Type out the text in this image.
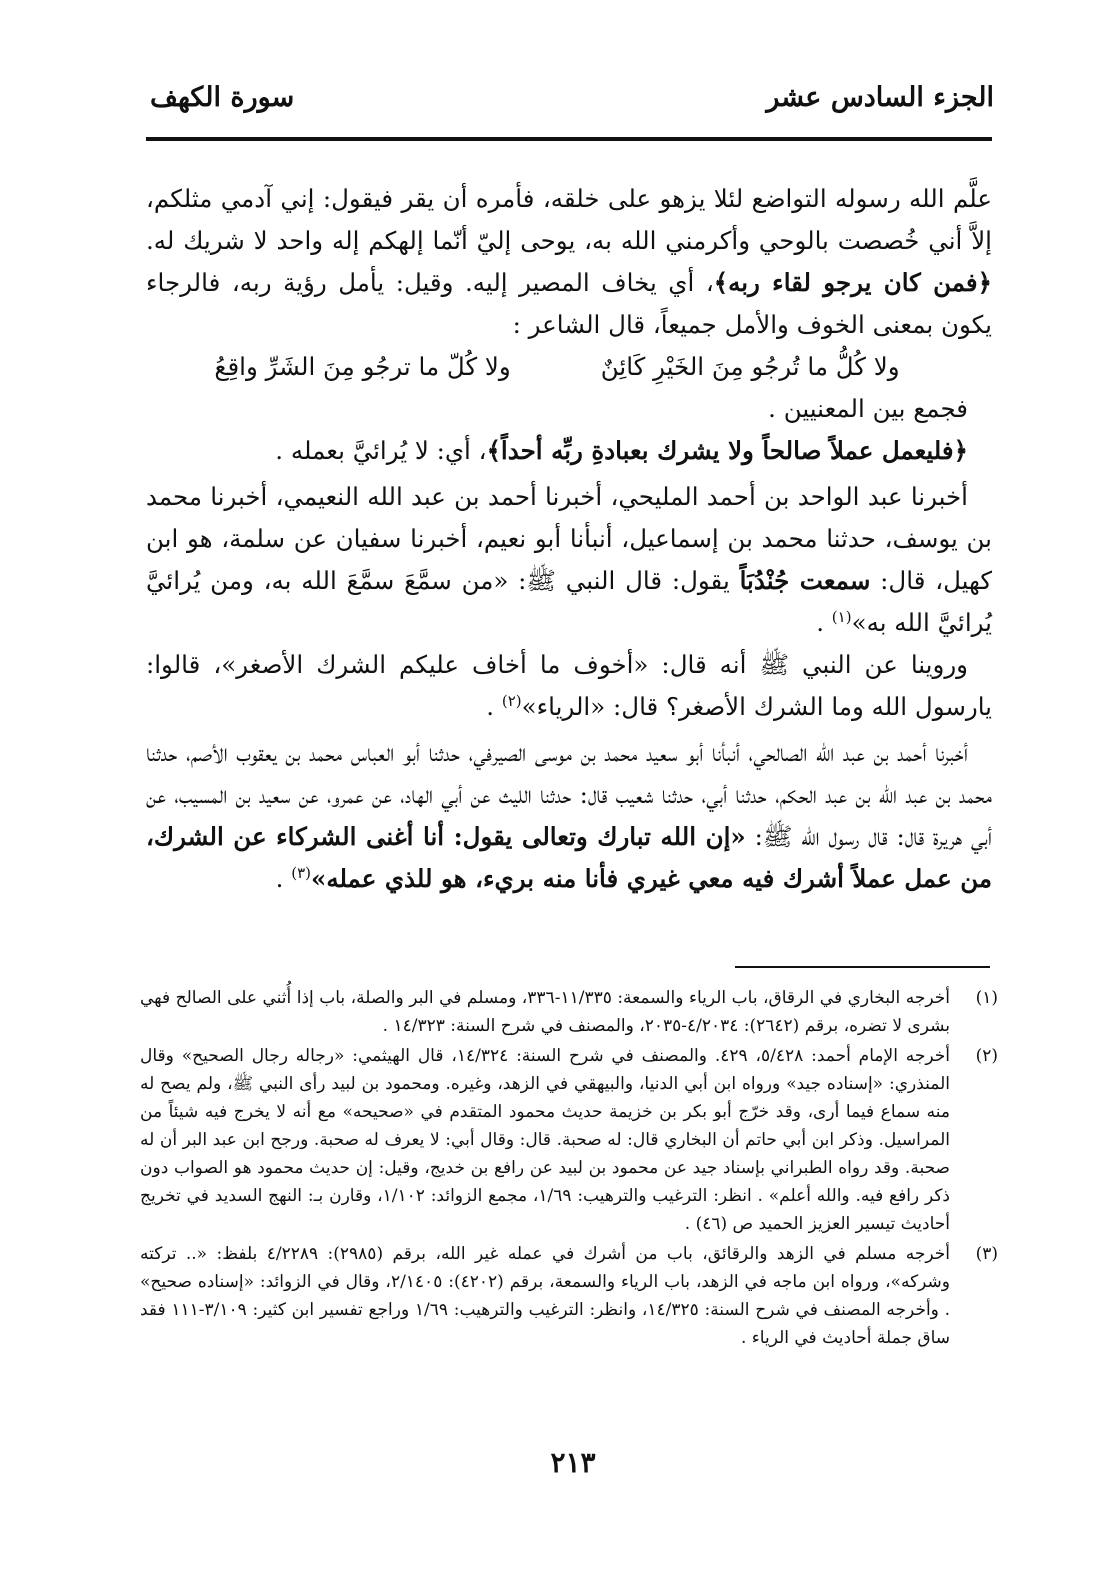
الجزء السادس عشر
سورة الكهف

علَّم الله رسوله التواضع لئلا يزهو على خلقه، فأمره أن يقر فيقول: إني آدمي مثلكم، إلاَّ أني خُصصت بالوحي وأكرمني الله به، يوحى إليّ أنّما إلهكم إله واحد لا شريك له. ﴿فمن كان يرجو لقاء ربه﴾، أي يخاف المصير إليه. وقيل: يأمل رؤية ربه، فالرجاء يكون بمعنى الخوف والأمل جميعاً، قال الشاعر :

ولا كُلُّ ما تُرجُو مِنَ الخَيْرِ كَائِنٌ
ولا كُلّ ما ترجُو مِنَ الشَرِّ واقِعُ

فجمع بين المعنيين .

﴿فليعمل عملاً صالحاً ولا يشرك بعبادةِ ربِّه أحداً﴾، أي: لا يُرائيَّ بعمله .

أخبرنا عبد الواحد بن أحمد المليحي، أخبرنا أحمد بن عبد الله النعيمي، أخبرنا محمد بن يوسف، حدثنا محمد بن إسماعيل، أنبأنا أبو نعيم، أخبرنا سفيان عن سلمة، هو ابن كهيل، قال: سمعت جُنْدُبَاً يقول: قال النبي ﷺ: «من سمَّعَ سمَّعَ الله به، ومن يُرائيَّ يُرائيَّ الله به»$^{(١)}$ .

وروينا عن النبي ﷺ أنه قال: «أخوف ما أخاف عليكم الشرك الأصغر»، قالوا: يارسول الله وما الشرك الأصغر؟ قال: «الرياء»$^{(٢)}$ .

أخبرنا أحمد بن عبد الله الصالحي، أنبأنا أبو سعيد محمد بن موسى الصيرفي، حدثنا أبو العباس محمد بن يعقوب الأصم، حدثنا محمد بن عبد الله بن عبد الحكم، حدثنا أبي، حدثنا شعيب قال: حدثنا الليث عن أبي الهاد، عن عمرو، عن سعيد بن المسيب، عن أبي هريرة قال: قال رسول الله ﷺ: «إن الله تبارك وتعالى يقول: أنا أغنى الشركاء عن الشرك، من عمل عملاً أشرك فيه معي غيري فأنا منه بريء، هو للذي عمله»$^{(٣)}$ .

(١)
أخرجه البخاري في الرقاق، باب الرياء والسمعة: ١١/٣٣٥-٣٣٦، ومسلم في البر والصلة، باب إذا أُثني على الصالح فهي بشرى لا تضره، برقم (٢٦٤٢): ٤/٢٠٣٤-٢٠٣٥، والمصنف في شرح السنة: ١٤/٣٢٣ .
(٢)
أخرجه الإمام أحمد: ٥/٤٢٨، ٤٢٩. والمصنف في شرح السنة: ١٤/٣٢٤، قال الهيثمي: «رجاله رجال الصحيح» وقال المنذري: «إسناده جيد» ورواه ابن أبي الدنيا، والبيهقي في الزهد، وغيره. ومحمود بن لبيد رأى النبي ﷺ، ولم يصح له منه سماع فيما أرى، وقد خرّج أبو بكر بن خزيمة حديث محمود المتقدم في «صحيحه» مع أنه لا يخرج فيه شيئاً من المراسيل. وذكر ابن أبي حاتم أن البخاري قال: له صحبة. قال: وقال أبي: لا يعرف له صحبة. ورجح ابن عبد البر أن له صحبة. وقد رواه الطبراني بإسناد جيد عن محمود بن لبيد عن رافع بن خديج، وقيل: إن حديث محمود هو الصواب دون ذكر رافع فيه. والله أعلم» . انظر: الترغيب والترهيب: ١/٦٩، مجمع الزوائد: ١/١٠٢، وقارن بـ: النهج السديد في تخريج أحاديث تيسير العزيز الحميد ص (٤٦) .
(٣)
أخرجه مسلم في الزهد والرقائق، باب من أشرك في عمله غير الله، برقم (٢٩٨٥): ٤/٢٢٨٩ بلفظ: «.. تركته وشركه»، ورواه ابن ماجه في الزهد، باب الرياء والسمعة، برقم (٤٢٠٢): ٢/١٤٠٥، وقال في الزوائد: «إسناده صحيح» . وأخرجه المصنف في شرح السنة: ١٤/٣٢٥، وانظر: الترغيب والترهيب: ١/٦٩ وراجع تفسير ابن كثير: ٣/١٠٩-١١١ فقد ساق جملة أحاديث في الرياء .
٢١٣
